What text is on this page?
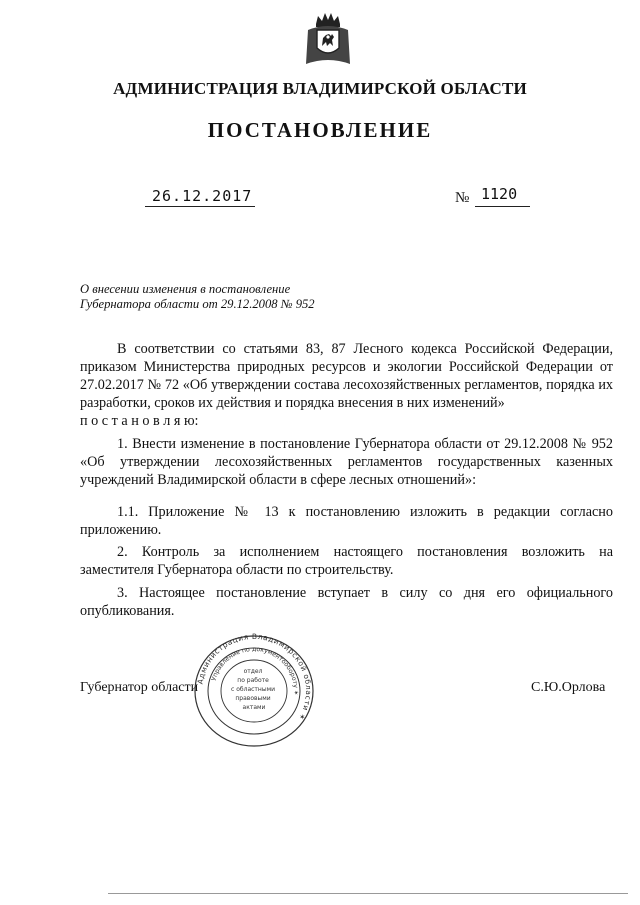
АДМИНИСТРАЦИЯ ВЛАДИМИРСКОЙ ОБЛАСТИ
ПОСТАНОВЛЕНИЕ
26.12.2017	№ 1120
О внесении изменения в постановление
Губернатора области от 29.12.2008 № 952
В соответствии со статьями 83, 87 Лесного кодекса Российской Федерации, приказом Министерства природных ресурсов и экологии Российской Федерации от 27.02.2017 № 72 «Об утверждении состава лесохозяйственных регламентов, порядка их разработки, сроков их действия и порядка внесения в них изменений»
п о с т а н о в л я ю:
1. Внести изменение в постановление Губернатора области от 29.12.2008 № 952 «Об утверждении лесохозяйственных регламентов государственных казенных учреждений Владимирской области в сфере лесных отношений»:
1.1. Приложение № 13 к постановлению изложить в редакции согласно приложению.
2. Контроль за исполнением настоящего постановления возложить на заместителя Губернатора области по строительству.
3. Настоящее постановление вступает в силу со дня его официального опубликования.
Губернатор области	С.Ю.Орлова
Администрация Владимирской области ✶
Управление по документообороту ✶
отдел по работе с областными правовыми актами
